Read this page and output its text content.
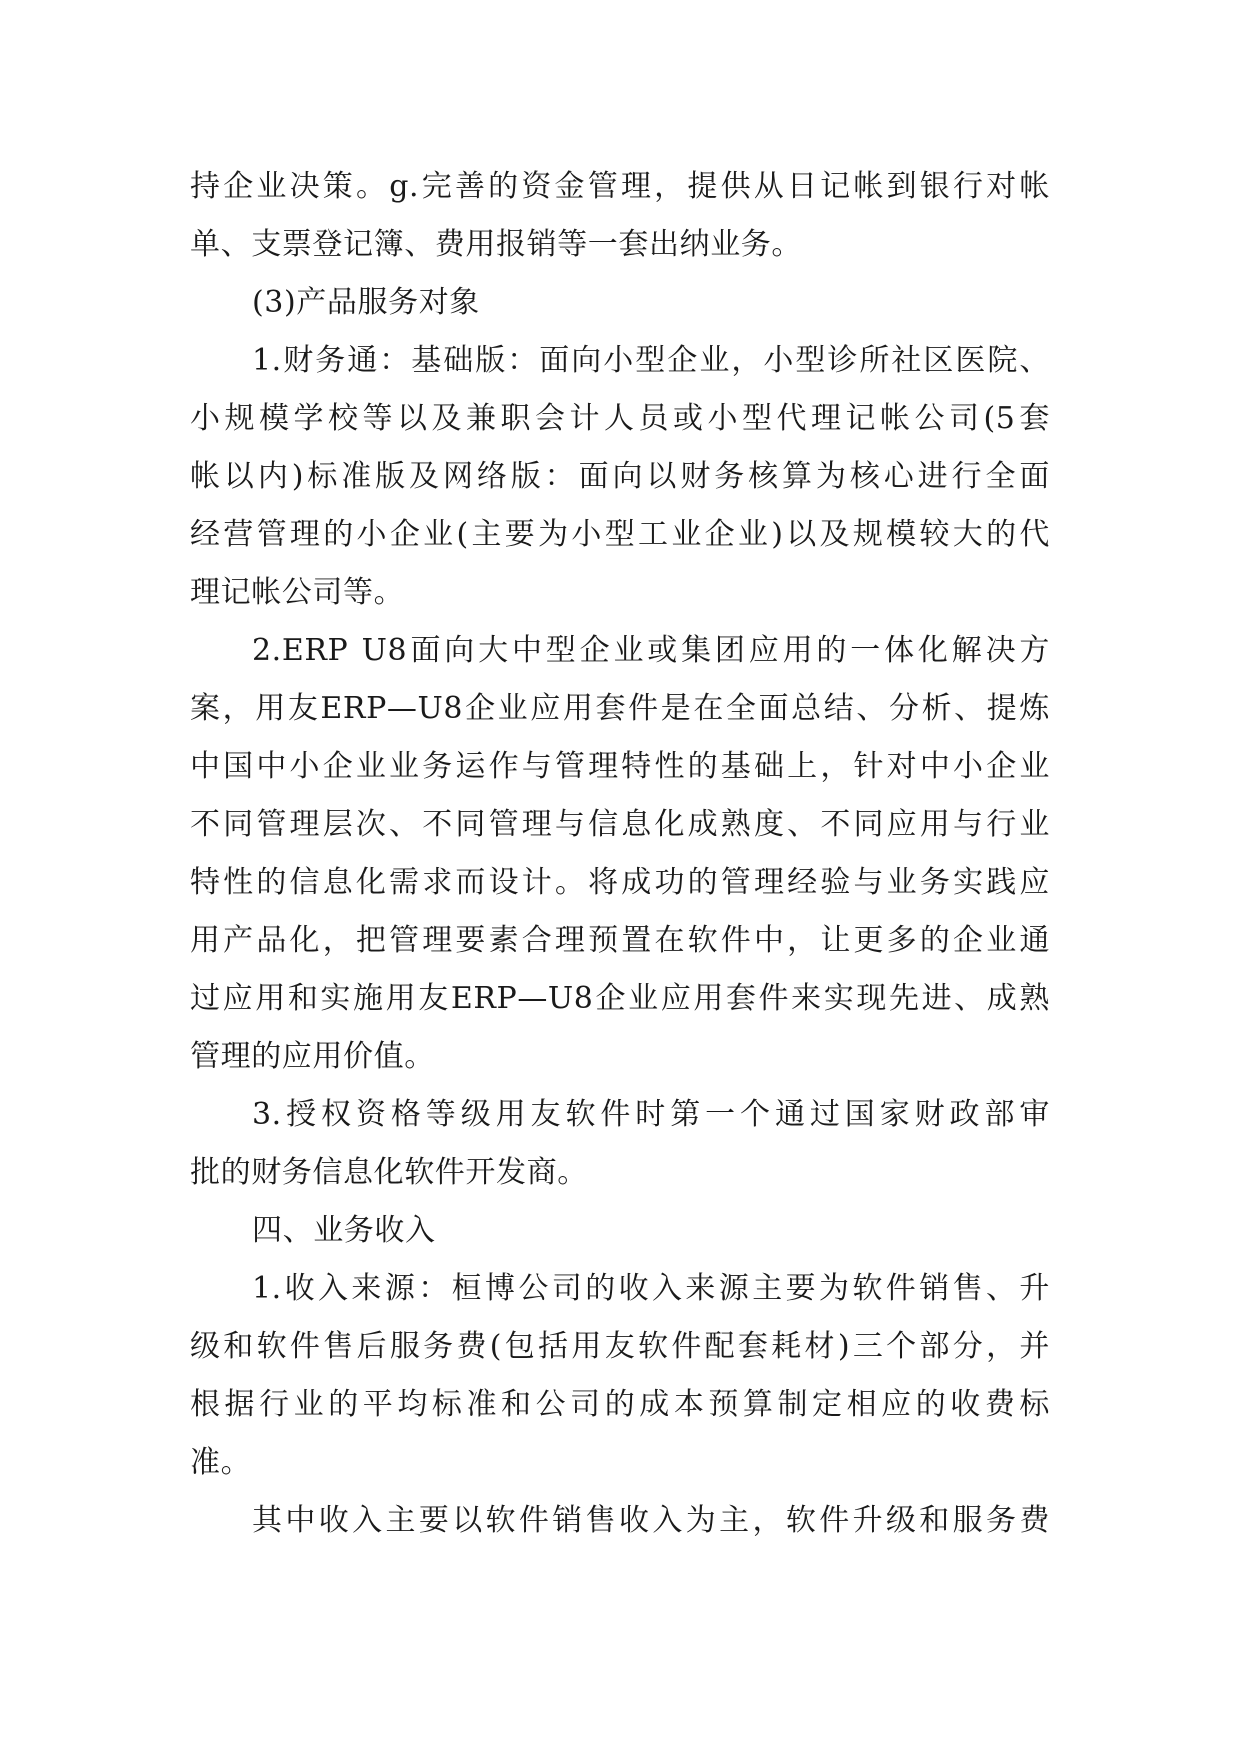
持企业决策。g.完善的资金管理，提供从日记帐到银行对帐
单、支票登记簿、费用报销等一套出纳业务。
(3)产品服务对象
1.财务通：基础版：面向小型企业，小型诊所社区医院、
小规模学校等以及兼职会计人员或小型代理记帐公司(5套
帐以内)标准版及网络版：面向以财务核算为核心进行全面
经营管理的小企业(主要为小型工业企业)以及规模较大的代
理记帐公司等。
2.ERP U8面向大中型企业或集团应用的一体化解决方
案，用友ERP—U8企业应用套件是在全面总结、分析、提炼
中国中小企业业务运作与管理特性的基础上，针对中小企业
不同管理层次、不同管理与信息化成熟度、不同应用与行业
特性的信息化需求而设计。将成功的管理经验与业务实践应
用产品化，把管理要素合理预置在软件中，让更多的企业通
过应用和实施用友ERP—U8企业应用套件来实现先进、成熟
管理的应用价值。
3.授权资格等级用友软件时第一个通过国家财政部审
批的财务信息化软件开发商。
四、业务收入
1.收入来源：桓博公司的收入来源主要为软件销售、升
级和软件售后服务费(包括用友软件配套耗材)三个部分，并
根据行业的平均标准和公司的成本预算制定相应的收费标
准。
其中收入主要以软件销售收入为主，软件升级和服务费
